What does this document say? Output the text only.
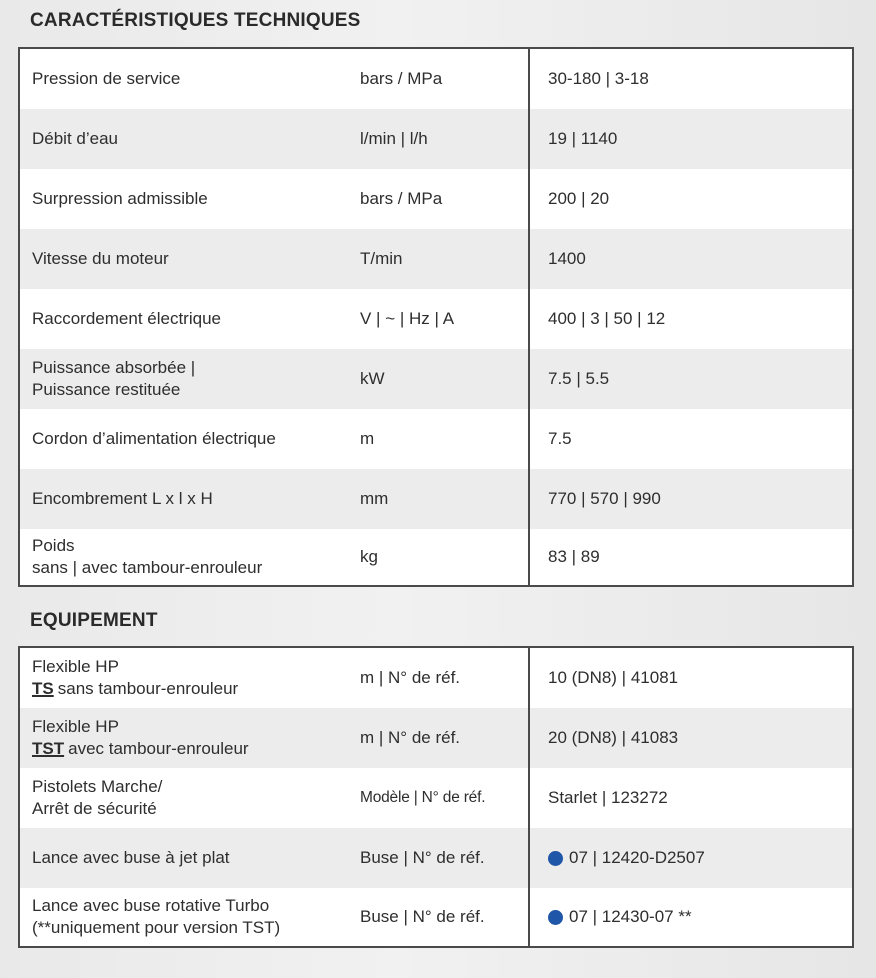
CARACTÉRISTIQUES TECHNIQUES
Pression de service	bars / MPa	30-180 | 3-18
Débit d’eau	l/min | l/h	19 | 1140
Surpression admissible	bars / MPa	200 | 20
Vitesse du moteur	T/min	1400
Raccordement électrique	V | ~ | Hz | A	400 | 3 | 50 | 12
Puissance absorbée |
Puissance restituée
kW	7.5 | 5.5
Cordon d’alimentation électrique	m	7.5
Encombrement L x l x H	mm	770 | 570 | 990
Poids
sans | avec tambour-enrouleur
kg	83 | 89
EQUIPEMENT
Flexible HP
TS sans tambour-enrouleur
m | N° de réf.	10 (DN8) | 41081
Flexible HP
TST avec tambour-enrouleur
m | N° de réf.	20 (DN8) | 41083
Pistolets Marche/
Arrêt de sécurité
Modèle | N° de réf.	Starlet | 123272
Lance avec buse à jet plat	Buse | N° de réf.	07 | 12420-D2507
Lance avec buse rotative Turbo
(**uniquement pour version TST)
Buse | N° de réf.	07 | 12430-07 **
